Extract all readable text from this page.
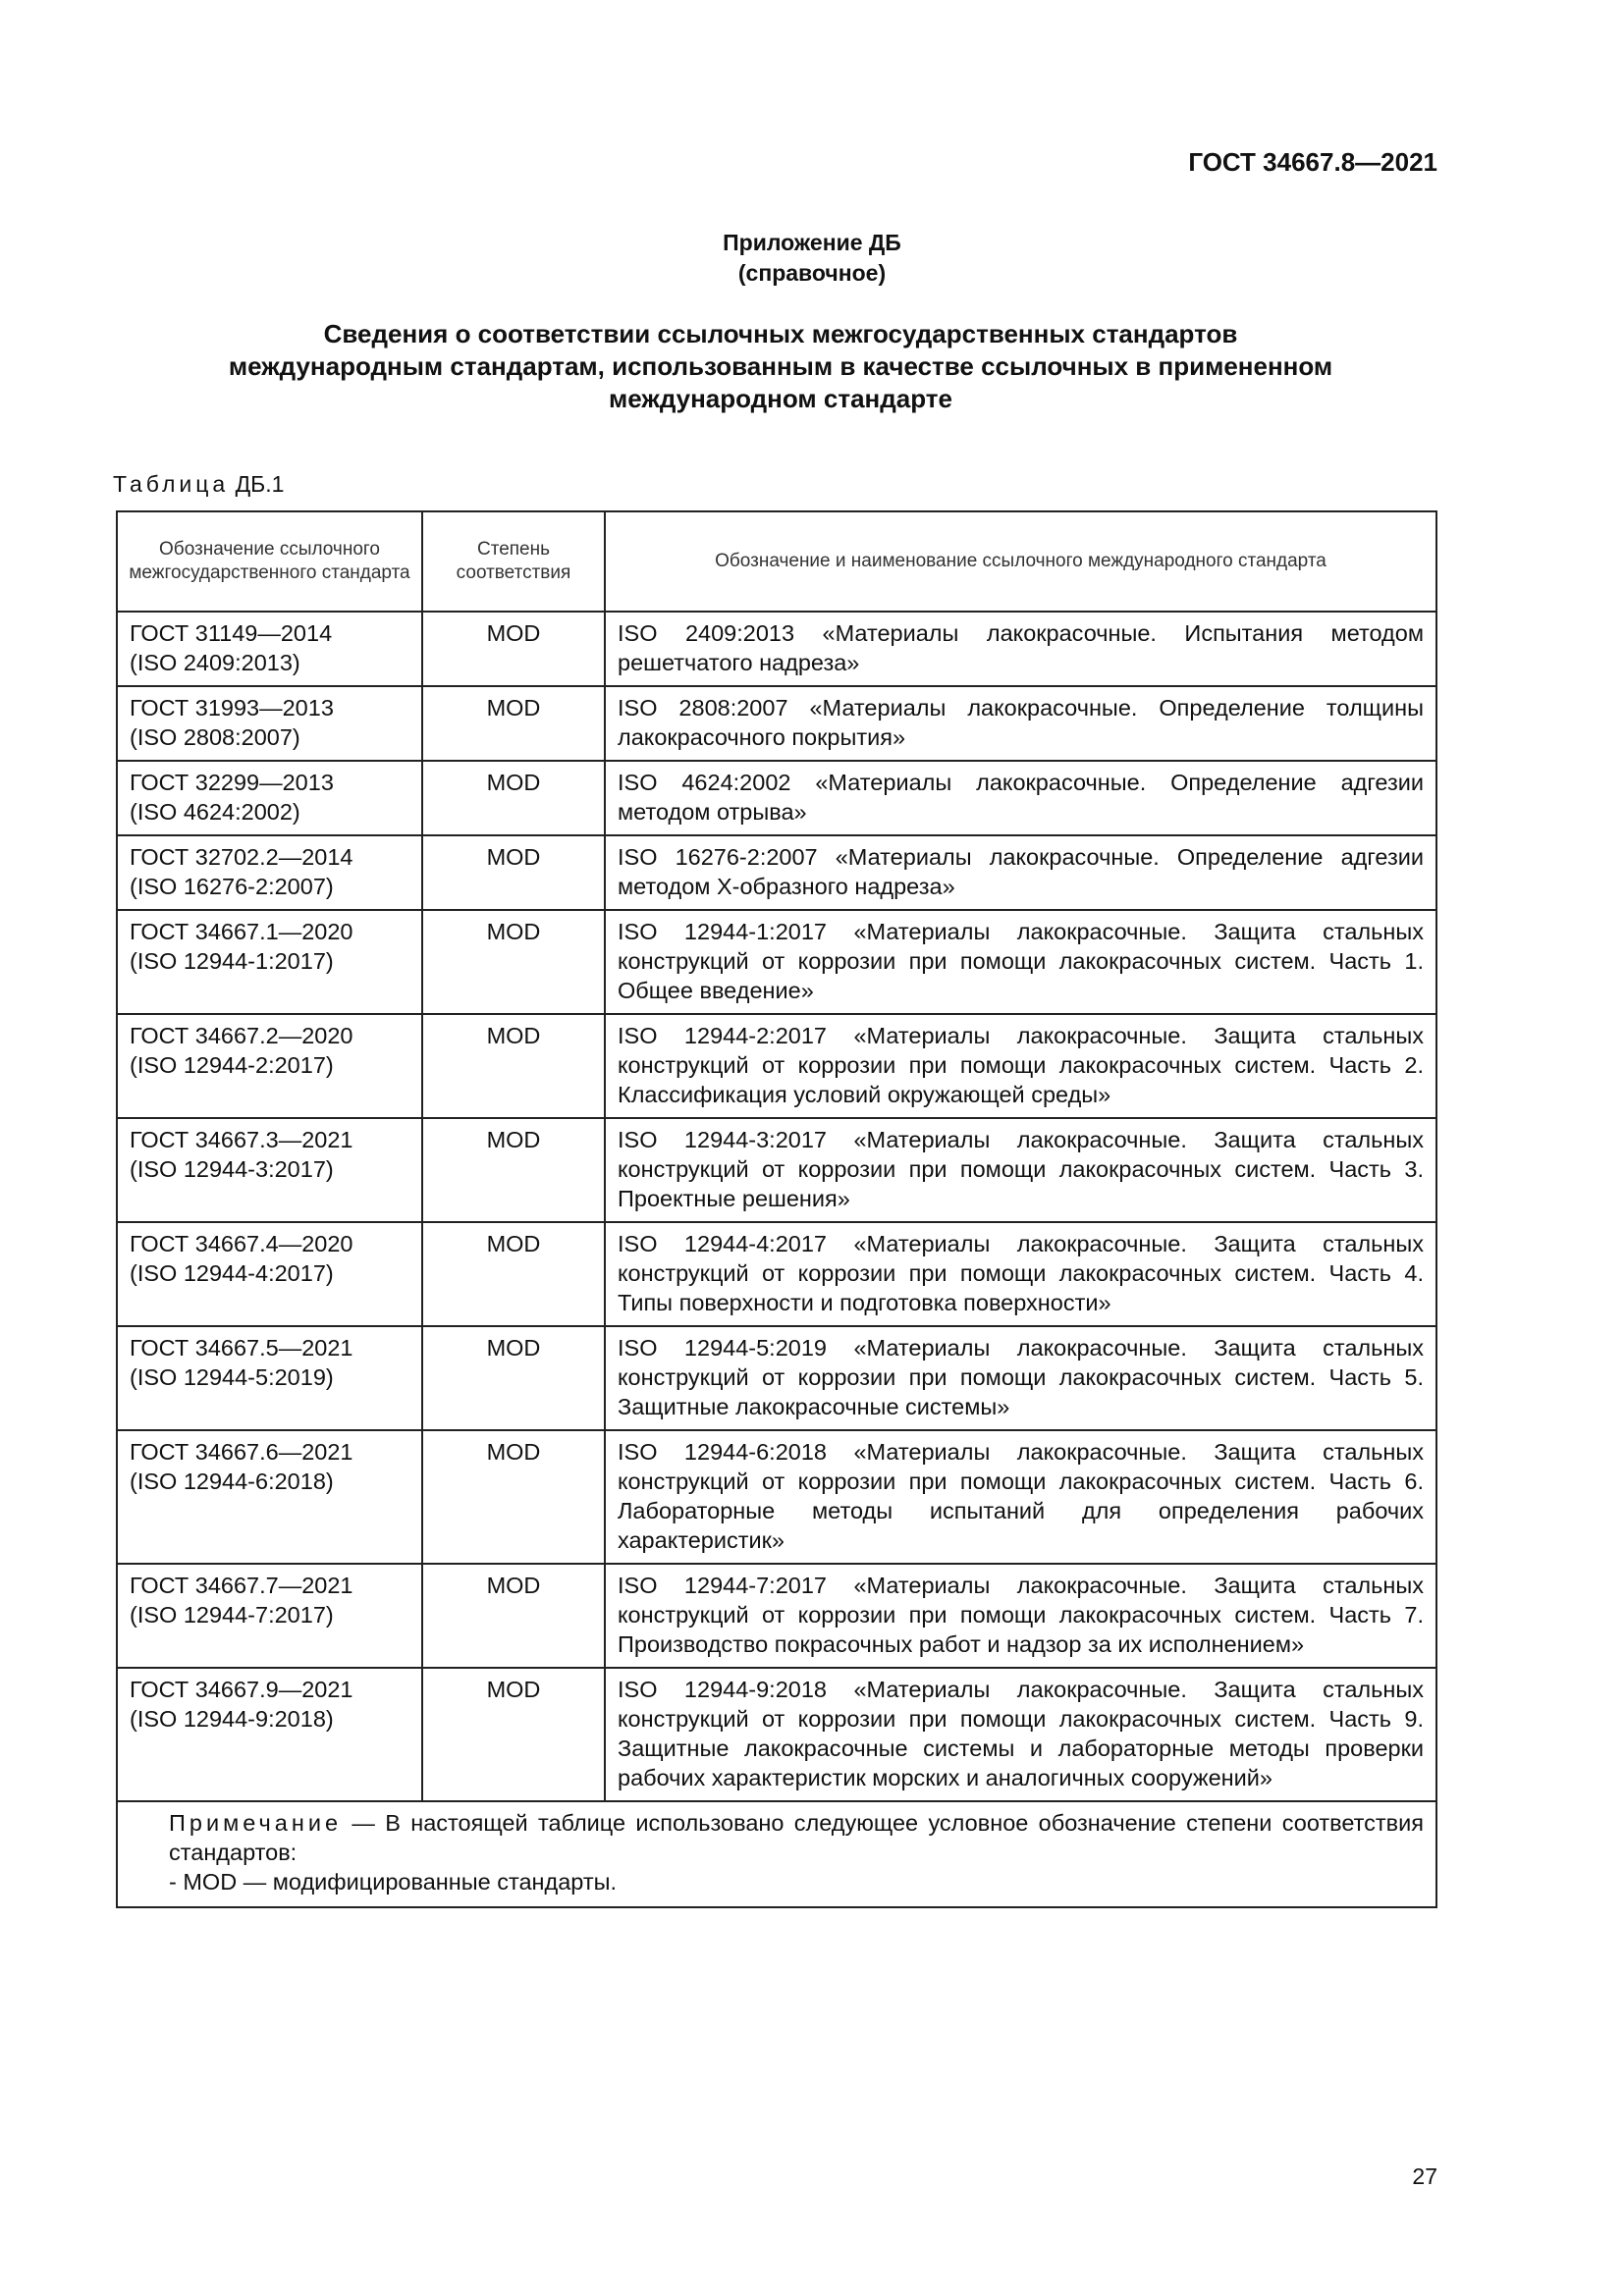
ГОСТ 34667.8—2021
Приложение ДБ
(справочное)
Сведения о соответствии ссылочных межгосударственных стандартов
международным стандартам, использованным в качестве ссылочных в примененном
международном стандарте
Таблица ДБ.1
Обозначение ссылочного межгосударственного стандарта	Степень соответствия	Обозначение и наименование ссылочного международного стандарта

ГОСТ 31149—2014
(ISO 2409:2013)	MOD	ISO 2409:2013 «Материалы лакокрасочные. Испытания методом решетчатого надреза»

ГОСТ 31993—2013
(ISO 2808:2007)	MOD	ISO 2808:2007 «Материалы лакокрасочные. Определение толщины лакокрасочного покрытия»

ГОСТ 32299—2013
(ISO 4624:2002)	MOD	ISO 4624:2002 «Материалы лакокрасочные. Определение адгезии методом отрыва»

ГОСТ 32702.2—2014
(ISO 16276-2:2007)	MOD	ISO 16276-2:2007 «Материалы лакокрасочные. Определение адгезии методом Х-образного надреза»

ГОСТ 34667.1—2020
(ISO 12944-1:2017)	MOD	ISO 12944-1:2017 «Материалы лакокрасочные. Защита стальных конструкций от коррозии при помощи лакокрасочных систем. Часть 1. Общее введение»

ГОСТ 34667.2—2020
(ISO 12944-2:2017)	MOD	ISO 12944-2:2017 «Материалы лакокрасочные. Защита стальных конструкций от коррозии при помощи лакокрасочных систем. Часть 2. Классификация условий окружающей среды»

ГОСТ 34667.3—2021
(ISO 12944-3:2017)	MOD	ISO 12944-3:2017 «Материалы лакокрасочные. Защита стальных конструкций от коррозии при помощи лакокрасочных систем. Часть 3. Проектные решения»

ГОСТ 34667.4—2020
(ISO 12944-4:2017)	MOD	ISO 12944-4:2017 «Материалы лакокрасочные. Защита стальных конструкций от коррозии при помощи лакокрасочных систем. Часть 4. Типы поверхности и подготовка поверхности»

ГОСТ 34667.5—2021
(ISO 12944-5:2019)	MOD	ISO 12944-5:2019 «Материалы лакокрасочные. Защита стальных конструкций от коррозии при помощи лакокрасочных систем. Часть 5. Защитные лакокрасочные системы»

ГОСТ 34667.6—2021
(ISO 12944-6:2018)	MOD	ISO 12944-6:2018 «Материалы лакокрасочные. Защита стальных конструкций от коррозии при помощи лакокрасочных систем. Часть 6. Лабораторные методы испытаний для определения рабочих характеристик»

ГОСТ 34667.7—2021
(ISO 12944-7:2017)	MOD	ISO 12944-7:2017 «Материалы лакокрасочные. Защита стальных конструкций от коррозии при помощи лакокрасочных систем. Часть 7. Производство покрасочных работ и надзор за их исполнением»

ГОСТ 34667.9—2021
(ISO 12944-9:2018)	MOD	ISO 12944-9:2018 «Материалы лакокрасочные. Защита стальных конструкций от коррозии при помощи лакокрасочных систем. Часть 9. Защитные лакокрасочные системы и лабораторные методы проверки рабочих характеристик морских и аналогичных сооружений»

Примечание — В настоящей таблице использовано следующее условное обозначение степени соответствия стандартов:
- MOD — модифицированные стандарты.		
27
